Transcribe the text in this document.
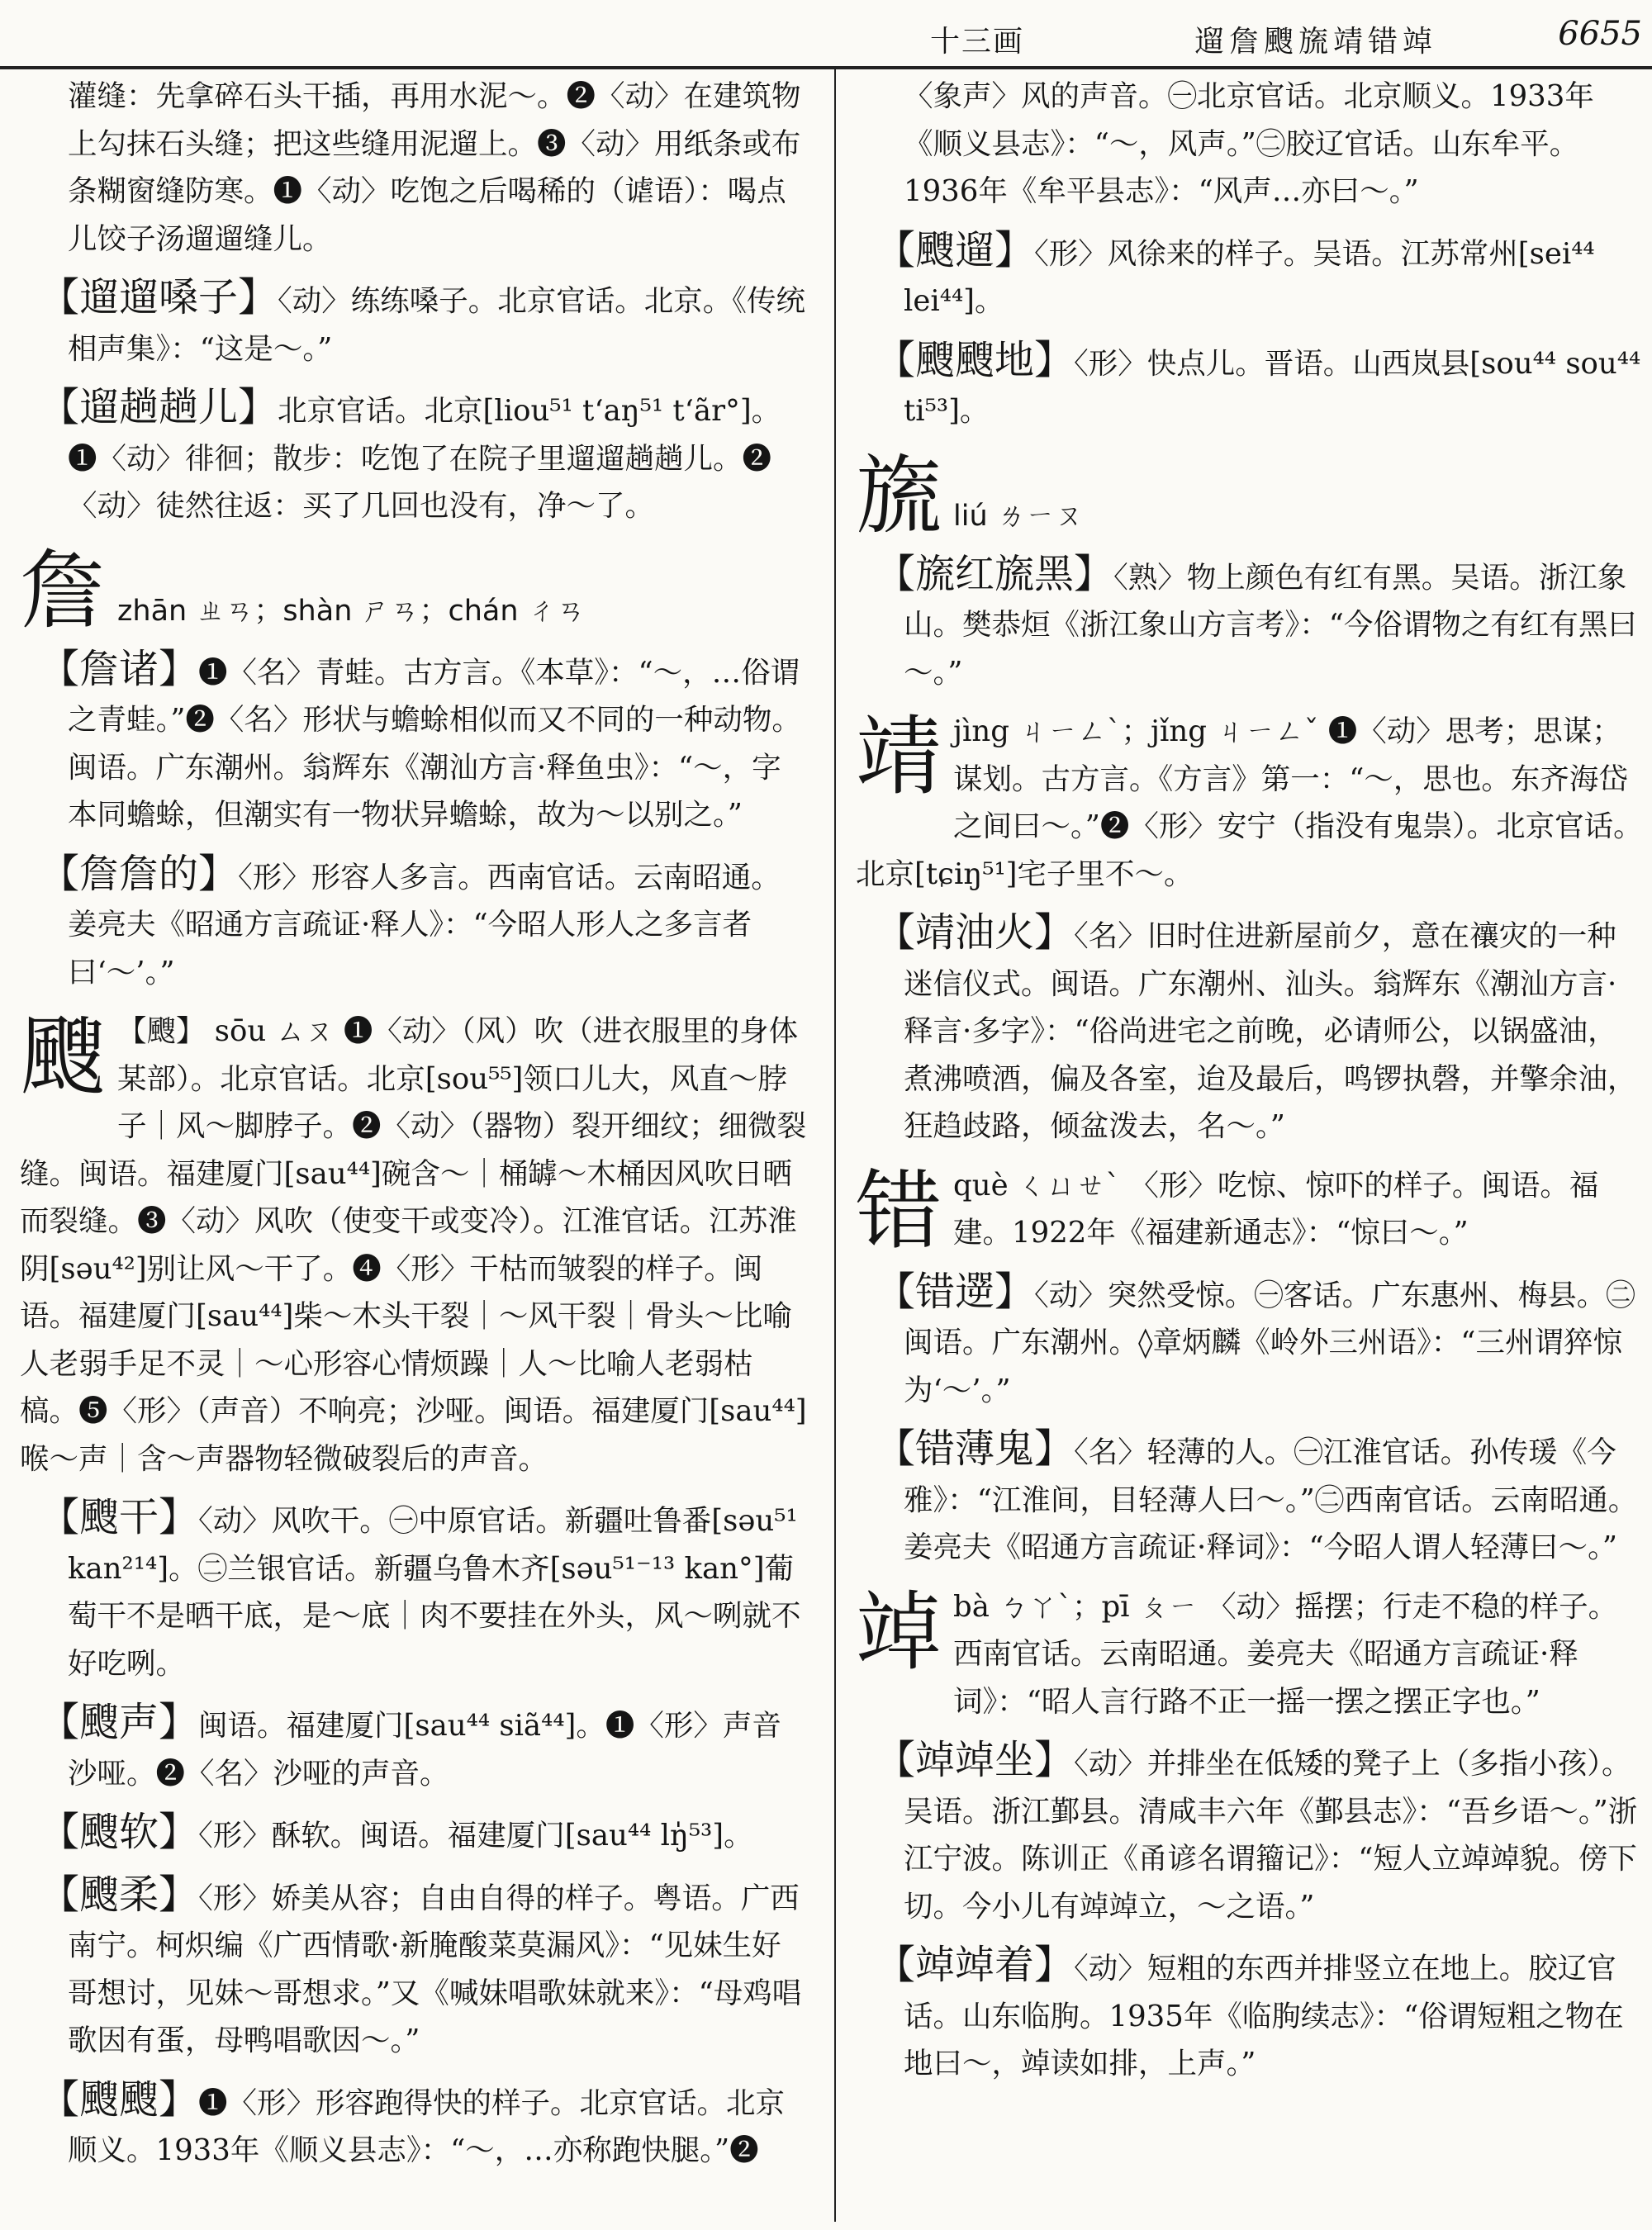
十三画	遛詹颼旒靖错竨	6655

灌缝：先拿碎石头干插，再用水泥～。❷〈动〉在建筑物上勾抹石头缝；把这些缝用泥遛上。❸〈动〉用纸条或布条糊窗缝防寒。❶〈动〉吃饱之后喝稀的（谑语）：喝点儿饺子汤遛遛缝儿。

【遛遛嗓子】〈动〉练练嗓子。北京官话。北京。《传统相声集》：“这是～。”

【遛趟趟儿】北京官话。北京[liou⁵¹ tʻaŋ⁵¹ tʻãr°]。❶〈动〉徘徊；散步：吃饱了在院子里遛遛趟趟儿。❷〈动〉徒然往返：买了几回也没有，净～了。

詹 zhān ㄓㄢ；shàn ㄕㄢ；chán ㄔㄢ

【詹诸】❶〈名〉青蛙。古方言。《本草》：“～，…俗谓之青蛙。”❷〈名〉形状与蟾蜍相似而又不同的一种动物。闽语。广东潮州。翁辉东《潮汕方言·释鱼虫》：“～，字本同蟾蜍，但潮实有一物状异蟾蜍，故为～以别之。”

【詹詹的】〈形〉形容人多言。西南官话。云南昭通。姜亮夫《昭通方言疏证·释人》：“今昭人形人之多言者曰‘～’。”

颼 【颼】 sōu ㄙㄡ ❶〈动〉（风）吹（进衣服里的身体某部）。北京官话。北京[sou⁵⁵]领口儿大，风直～脖子｜风～脚脖子。❷〈动〉（器物）裂开细纹；细微裂缝。闽语。福建厦门[sau⁴⁴]碗含～｜桶罅～木桶因风吹日晒而裂缝。❸〈动〉风吹（使变干或变冷）。江淮官话。江苏淮阴[səu⁴²]别让风～干了。❹〈形〉干枯而皱裂的样子。闽语。福建厦门[sau⁴⁴]柴～木头干裂｜～风干裂｜骨头～比喻人老弱手足不灵｜～心形容心情烦躁｜人～比喻人老弱枯槁。❺〈形〉（声音）不响亮；沙哑。闽语。福建厦门[sau⁴⁴]喉～声｜含～声器物轻微破裂后的声音。

【颼干】〈动〉风吹干。㊀中原官话。新疆吐鲁番[səu⁵¹ kan²¹⁴]。㊁兰银官话。新疆乌鲁木齐[səu⁵¹⁻¹³ kan°]葡萄干不是晒干底，是～底｜肉不要挂在外头，风～咧就不好吃咧。

【颼声】闽语。福建厦门[sau⁴⁴ siã⁴⁴]。❶〈形〉声音沙哑。❷〈名〉沙哑的声音。

【颼软】〈形〉酥软。闽语。福建厦门[sau⁴⁴ lŋ̍⁵³]。

【颼柔】〈形〉娇美从容；自由自得的样子。粤语。广西南宁。柯炽编《广西情歌·新腌酸菜莫漏风》：“见妹生好哥想讨，见妹～哥想求。”又《喊妹唱歌妹就来》：“母鸡唱歌因有蛋，母鸭唱歌因～。”

【颼颼】❶〈形〉形容跑得快的样子。北京官话。北京顺义。1933年《顺义县志》：“～，…亦称跑快腿。”❷

〈象声〉风的声音。㊀北京官话。北京顺义。1933年《顺义县志》：“～，风声。”㊁胶辽官话。山东牟平。1936年《牟平县志》：“风声…亦曰～。”

【颼遛】〈形〉风徐来的样子。吴语。江苏常州[sei⁴⁴ lei⁴⁴]。

【颼颼地】〈形〉快点儿。晋语。山西岚县[sou⁴⁴ sou⁴⁴ ti⁵³]。

旒 liú ㄌㄧㄡ

【旒红旒黑】〈熟〉物上颜色有红有黑。吴语。浙江象山。樊恭烜《浙江象山方言考》：“今俗谓物之有红有黑曰～。”

靖 jìng ㄐㄧㄥˋ；jǐng ㄐㄧㄥˇ ❶〈动〉思考；思谋；谋划。古方言。《方言》第一：“～，思也。东齐海岱之间曰～。”❷〈形〉安宁（指没有鬼祟）。北京官话。北京[tɕiŋ⁵¹]宅子里不～。

【靖油火】〈名〉旧时住进新屋前夕，意在禳灾的一种迷信仪式。闽语。广东潮州、汕头。翁辉东《潮汕方言·释言·多字》：“俗尚进宅之前晚，必请师公，以锅盛油，煮沸喷酒，偏及各室，迨及最后，鸣锣执磬，并擎余油，狂趋歧路，倾盆泼去，名～。”

错 què ㄑㄩㄝˋ 〈形〉吃惊、惊吓的样子。闽语。福建。1922年《福建新通志》：“惊曰～。”

【错遻】〈动〉突然受惊。㊀客话。广东惠州、梅县。㊁闽语。广东潮州。◊章炳麟《岭外三州语》：“三州谓猝惊为‘～’。”

【错薄鬼】〈名〉轻薄的人。㊀江淮官话。孙传瑗《今雅》：“江淮间，目轻薄人曰～。”㊁西南官话。云南昭通。姜亮夫《昭通方言疏证·释词》：“今昭人谓人轻薄曰～。”

竨 bà ㄅㄚˋ；pī ㄆㄧ 〈动〉摇摆；行走不稳的样子。西南官话。云南昭通。姜亮夫《昭通方言疏证·释词》：“昭人言行路不正一摇一摆之摆正字也。”

【竨竨坐】〈动〉并排坐在低矮的凳子上（多指小孩）。吴语。浙江鄞县。清咸丰六年《鄞县志》：“吾乡语～。”浙江宁波。陈训正《甬谚名谓籀记》：“短人立竨竨貌。傍下切。今小儿有竨竨立，～之语。”

【竨竨着】〈动〉短粗的东西并排竖立在地上。胶辽官话。山东临朐。1935年《临朐续志》：“俗谓短粗之物在地曰～，竨读如排，上声。”
